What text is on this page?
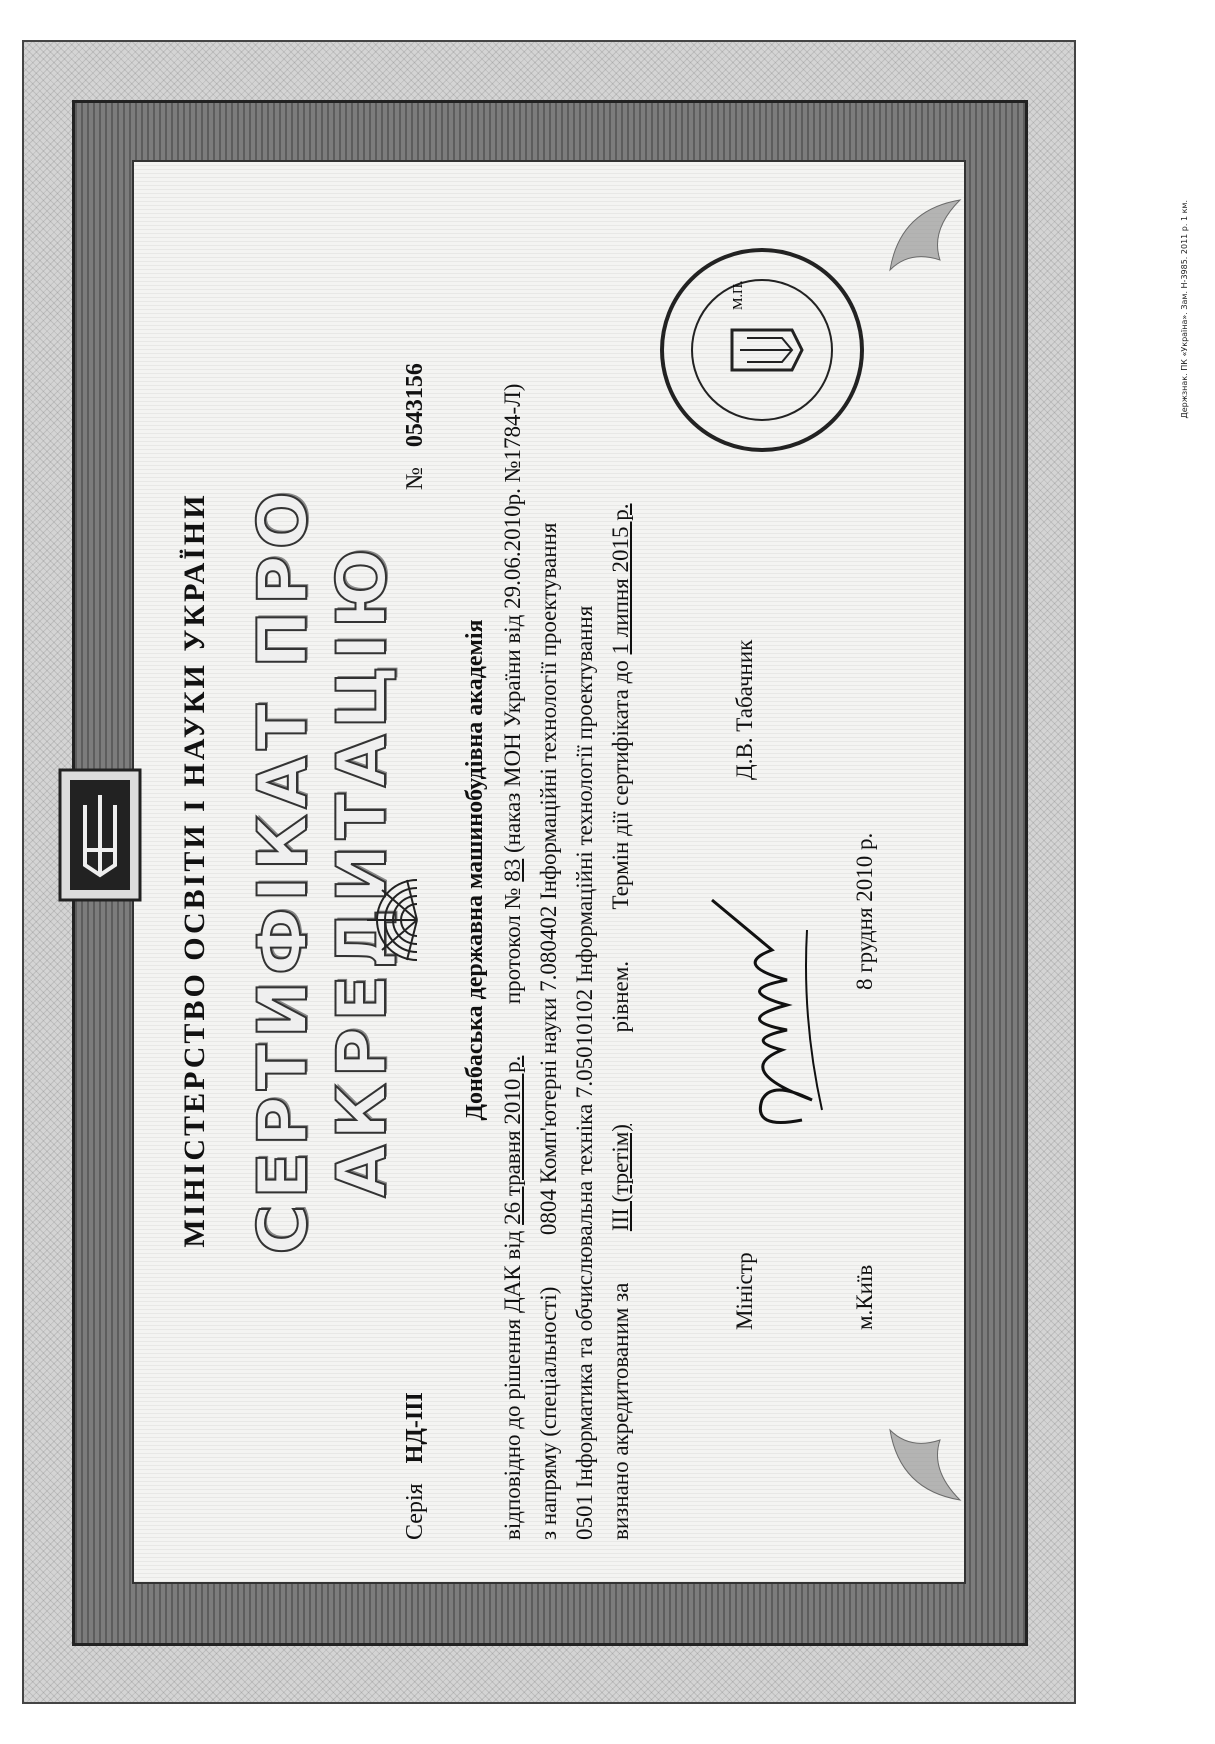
Держзнак. ПК «Україна». Зам. Н-3985. 2011 р. 1 км.
МІНІСТЕРСТВО ОСВІТИ І НАУКИ УКРАЇНИ СЕРТИФІКАТ ПРО АКРЕДИТАЦІЮ
Серія НД-ІІІ
№ 0543156
Донбаська державна машинобудівна академія
відповідно до рішення ДАК від 26 травня 2010 р.  протокол № 83 (наказ МОН України від 29.06.2010р. №1784-Л)
з напряму (спеціальності)  0804 Комп'ютерні науки 7.080402 Інформаційні технології проектування 0501 Інформатика та обчислювальна техніка 7.05010102 Інформаційні технології проектування визнано акредитованим за  III (третім)  рівнем.  Термін дії сертифіката до 1 липня 2015 р.
Міністр
Д.В. Табачник
м.Київ
8 грудня 2010 р.
М.П.
